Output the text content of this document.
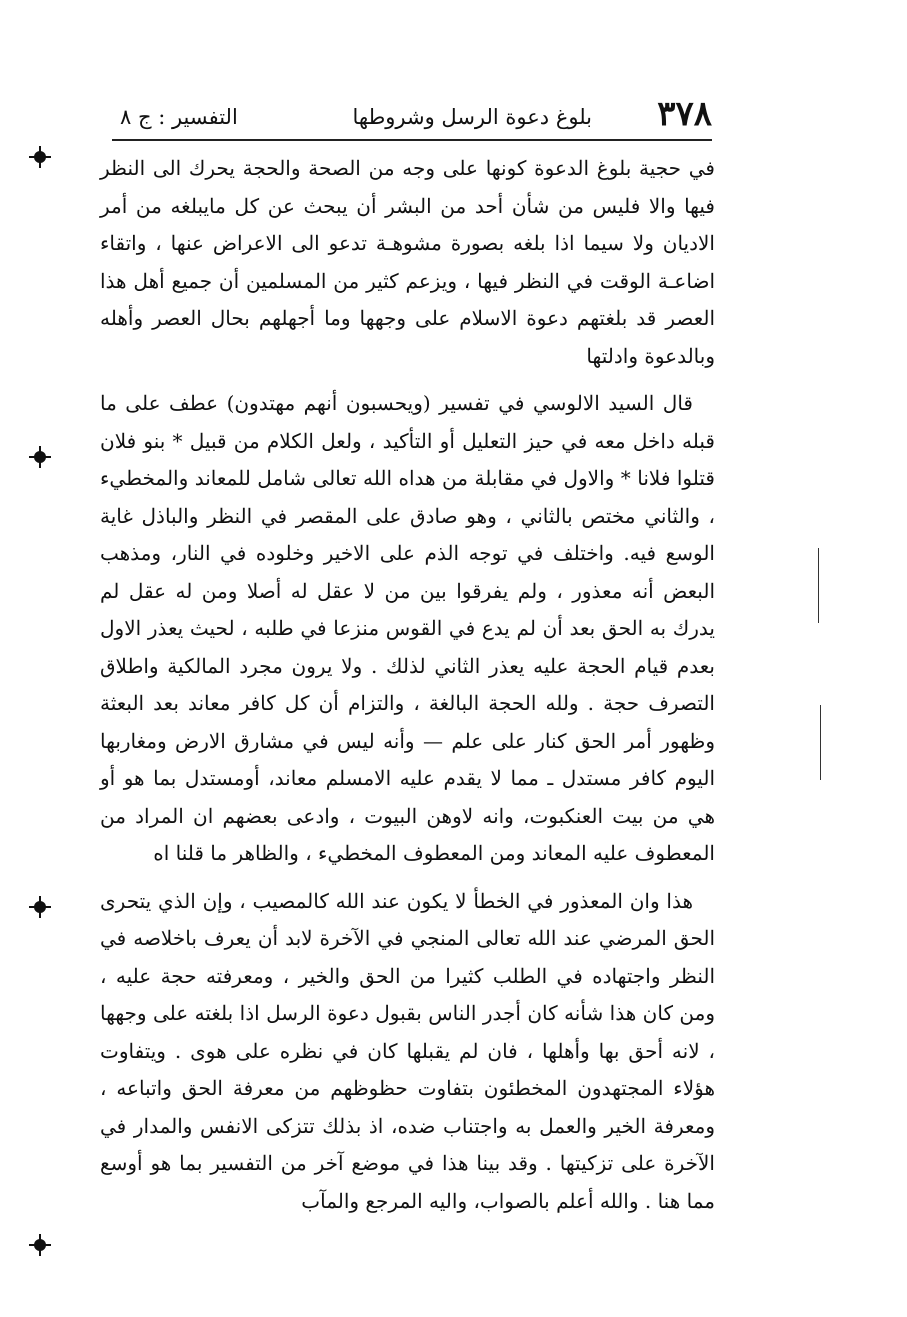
٣٧٨
بلوغ دعوة الرسل وشروطها
التفسير : ج ٨

في حجية بلوغ الدعوة كونها على وجه من الصحة والحجة يحرك الى النظر فيها والا فليس من شأن أحد من البشر أن يبحث عن كل مايبلغه من أمر الاديان ولا سيما اذا بلغه بصورة مشوهـة تدعو الى الاعراض عنها ، واتقاء اضاعـة الوقت في النظر فيها ، ويزعم كثير من المسلمين أن جميع أهل هذا العصر قد بلغتهم دعوة الاسلام على وجهها وما أجهلهم بحال العصر وأهله وبالدعوة وادلتها

قال السيد الالوسي في تفسير (ويحسبون أنهم مهتدون) عطف على ما قبله داخل معه في حيز التعليل أو التأكيد ، ولعل الكلام من قبيل * بنو فلان قتلوا فلانا * والاول في مقابلة من هداه الله تعالى شامل للمعاند والمخطيء ، والثاني مختص بالثاني ، وهو صادق على المقصر في النظر والباذل غاية الوسع فيه. واختلف في توجه الذم على الاخير وخلوده في النار، ومذهب البعض أنه معذور ، ولم يفرقوا بين من لا عقل له أصلا ومن له عقل لم يدرك به الحق بعد أن لم يدع في القوس منزعا في طلبه ، لحيث يعذر الاول بعدم قيام الحجة عليه يعذر الثاني لذلك . ولا يرون مجرد المالكية واطلاق التصرف حجة . ولله الحجة البالغة ، والتزام أن كل كافر معاند بعد البعثة وظهور أمر الحق كنار على علم — وأنه ليس في مشارق الارض ومغاربها اليوم كافر مستدل ـ مما لا يقدم عليه الامسلم معاند، أومستدل بما هو أو هي من بيت العنكبوت، وانه لاوهن البيوت ، وادعى بعضهم ان المراد من المعطوف عليه المعاند ومن المعطوف المخطيء ، والظاهر ما قلنا اه

هذا وان المعذور في الخطأ لا يكون عند الله كالمصيب ، وإن الذي يتحرى الحق المرضي عند الله تعالى المنجي في الآخرة لابد أن يعرف باخلاصه في النظر واجتهاده في الطلب كثيرا من الحق والخير ، ومعرفته حجة عليه ، ومن كان هذا شأنه كان أجدر الناس بقبول دعوة الرسل اذا بلغته على وجهها ، لانه أحق بها وأهلها ، فان لم يقبلها كان في نظره على هوى . ويتفاوت هؤلاء المجتهدون المخطئون بتفاوت حظوظهم من معرفة الحق واتباعه ، ومعرفة الخير والعمل به واجتناب ضده، اذ بذلك تتزكى الانفس والمدار في الآخرة على تزكيتها . وقد بينا هذا في موضع آخر من التفسير بما هو أوسع مما هنا . والله أعلم بالصواب، واليه المرجع والمآب
